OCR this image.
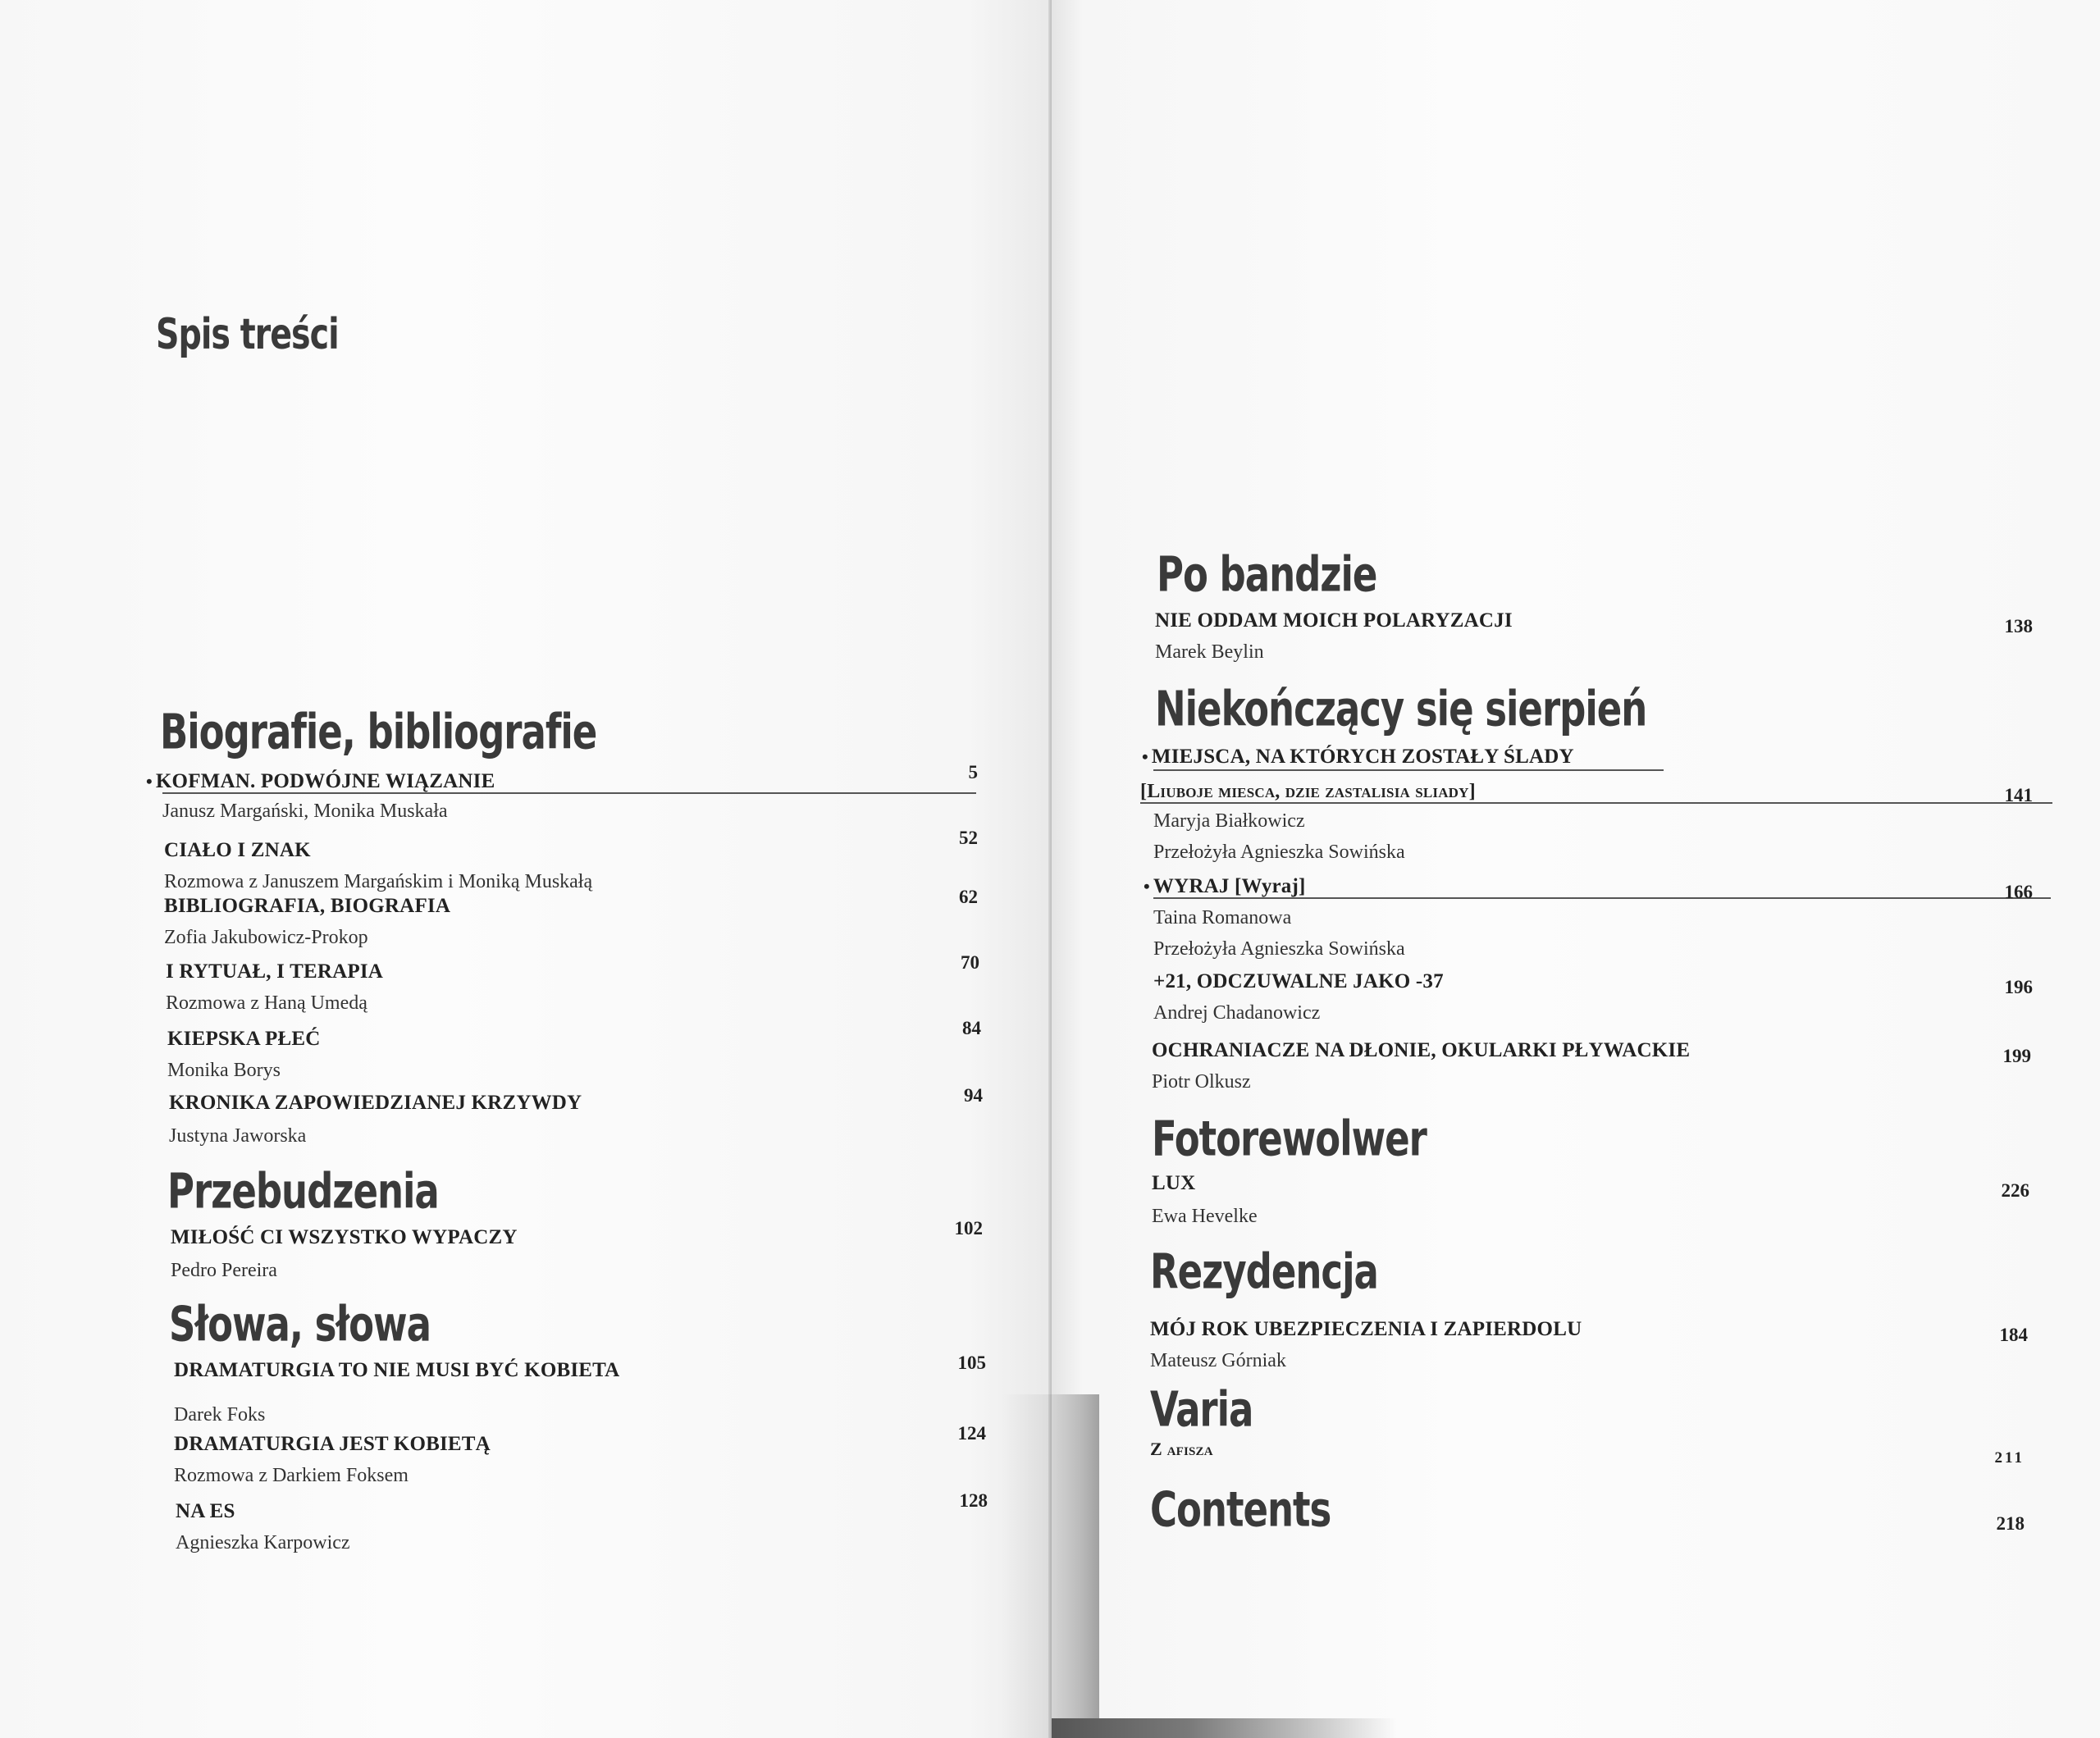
Spis treści
Biografie, bibliografie
• KOFMAN. PODWÓJNE WIĄZANIE
Janusz Margański, Monika Muskała
5
CIAŁO I ZNAK
Rozmowa z Januszem Margańskim i Moniką Muskałą
52
BIBLIOGRAFIA, BIOGRAFIA
Zofia Jakubowicz-Prokop
62
I RYTUAŁ, I TERAPIA
Rozmowa z Haną Umedą
70
KIEPSKA PŁEĆ
Monika Borys
84
KRONIKA ZAPOWIEDZIANEJ KRZYWDY
Justyna Jaworska
94
Przebudzenia
MIŁOŚĆ CI WSZYSTKO WYPACZY
Pedro Pereira
102
Słowa, słowa
DRAMATURGIA TO NIE MUSI BYĆ KOBIETA
Darek Foks
105
DRAMATURGIA JEST KOBIETĄ
Rozmowa z Darkiem Foksem
124
NA ES
Agnieszka Karpowicz
128
Po bandzie
NIE ODDAM MOICH POLARYZACJI
Marek Beylin
138
Niekończący się sierpień
• MIEJSCA, NA KTÓRYCH ZOSTAŁY ŚLADY
[Liuboje miesca, dzie zastalisia sliady]
Maryja Białkowicz
Przełożyła Agnieszka Sowińska
141
• WYRAJ [Wyraj]
Taina Romanowa
Przełożyła Agnieszka Sowińska
166
+21, ODCZUWALNE JAKO -37
Andrej Chadanowicz
196
OCHRANIACZE NA DŁONIE, OKULARKI PŁYWACKIE
Piotr Olkusz
199
Fotorewolwer
LUX
Ewa Hevelke
226
Rezydencja
MÓJ ROK UBEZPIECZENIA I ZAPIERDOLU
Mateusz Górniak
184
Varia
Z afisza	211
Contents	218
